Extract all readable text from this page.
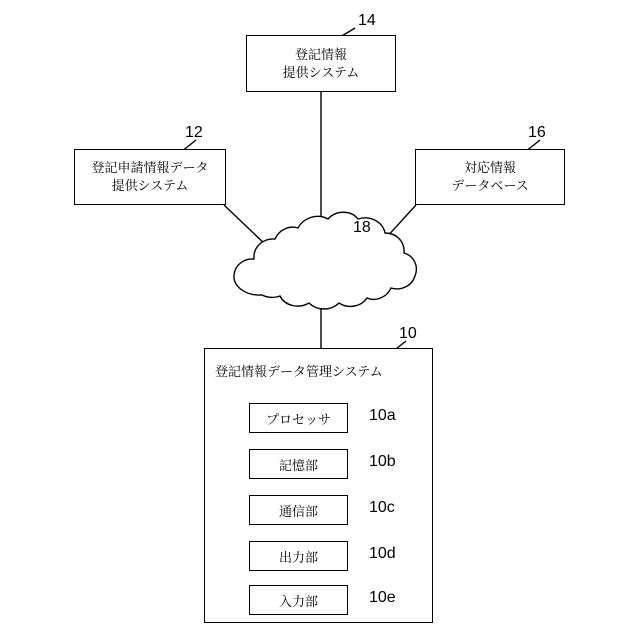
14
12	16
18
10
登記情報
提供システム
登記申請情報データ
提供システム
対応情報
データベース
登記情報データ管理システム
プロセッサ 10a
記憶部	10b
通信部	10c
出力部	10d
入力部	10e
